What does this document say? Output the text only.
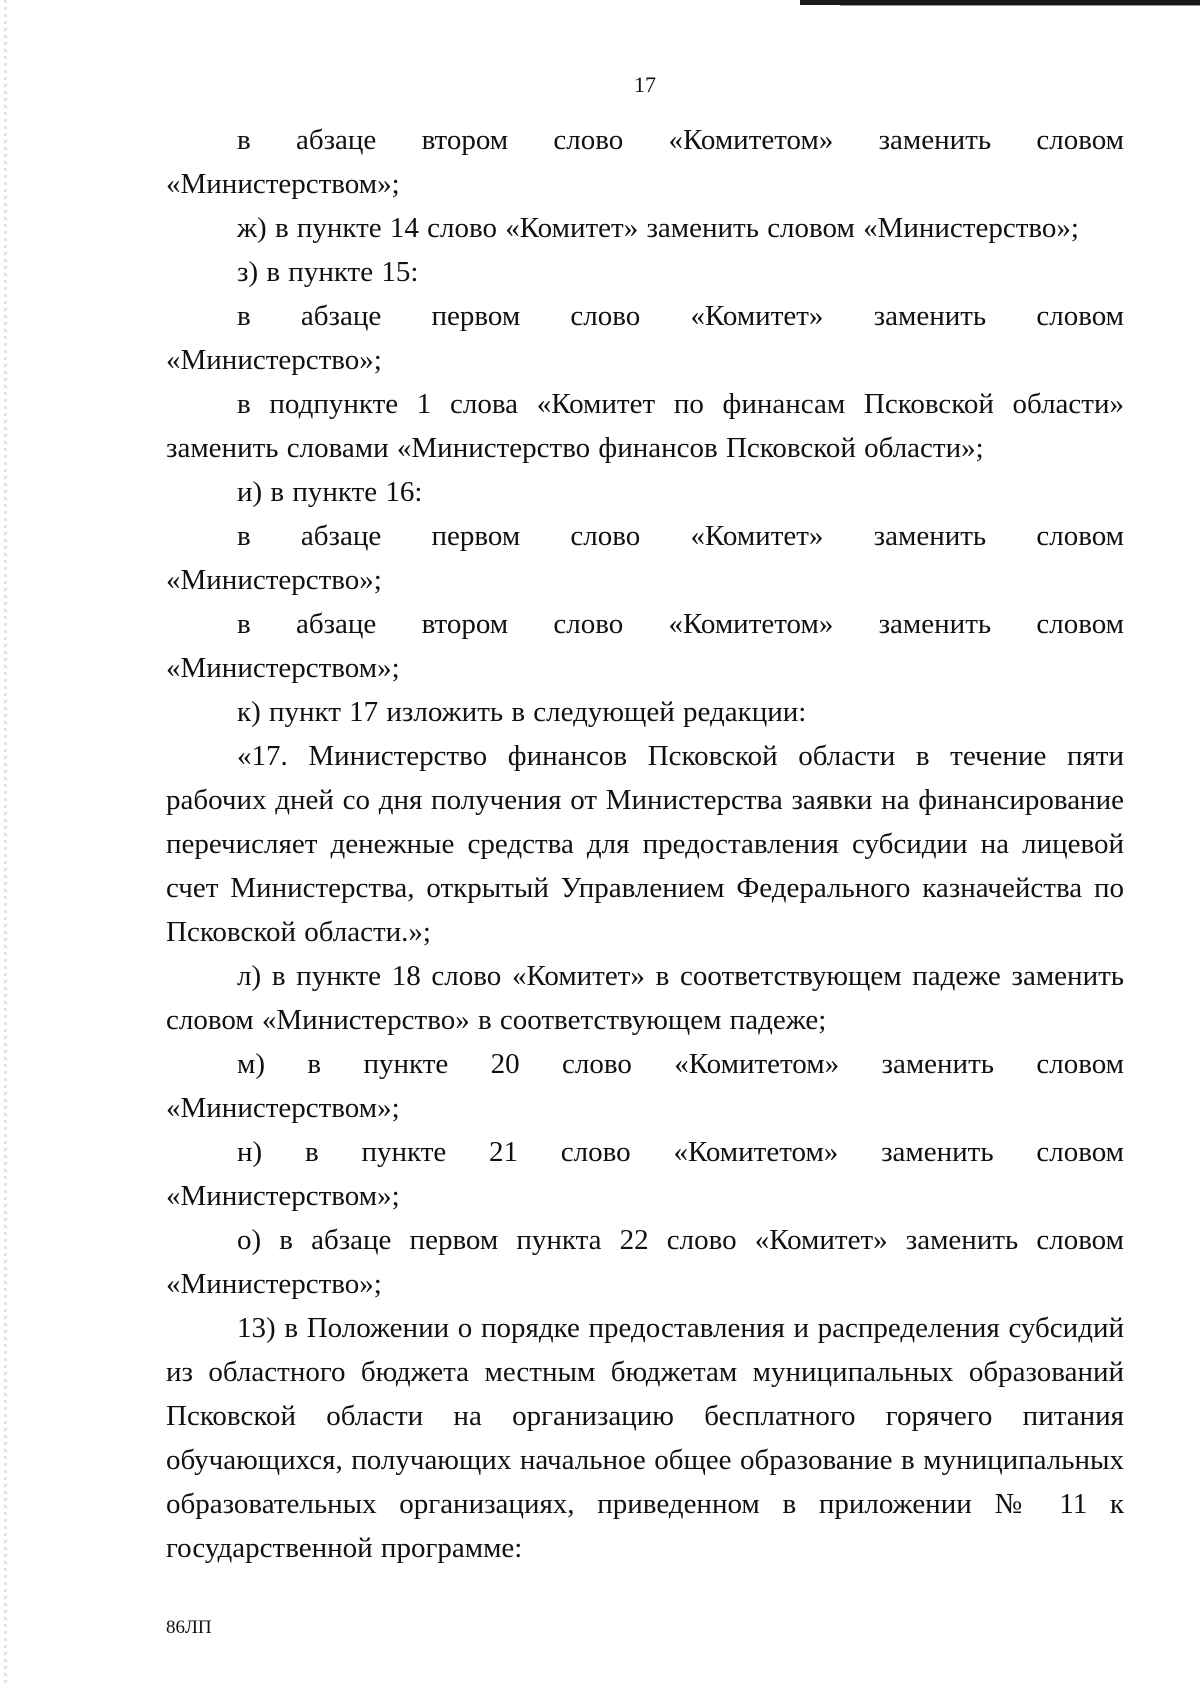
17

в абзаце втором слово «Комитетом» заменить словом
«Министерством»;

ж) в пункте 14 слово «Комитет» заменить словом «Министерство»;

з) в пункте 15:

в абзаце первом слово «Комитет» заменить словом
«Министерство»;

в подпункте 1 слова «Комитет по финансам Псковской области» заменить словами «Министерство финансов Псковской области»;

и) в пункте 16:

в абзаце первом слово «Комитет» заменить словом
«Министерство»;

в абзаце втором слово «Комитетом» заменить словом
«Министерством»;

к) пункт 17 изложить в следующей редакции:

«17. Министерство финансов Псковской области в течение пяти рабочих дней со дня получения от Министерства заявки на финансирование перечисляет денежные средства для предоставления субсидии на лицевой счет Министерства, открытый Управлением Федерального казначейства по Псковской области.»;

л) в пункте 18 слово «Комитет» в соответствующем падеже заменить словом «Министерство» в соответствующем падеже;

м) в пункте 20 слово «Комитетом» заменить словом
«Министерством»;

н) в пункте 21 слово «Комитетом» заменить словом
«Министерством»;

о) в абзаце первом пункта 22 слово «Комитет» заменить словом «Министерство»;

13) в Положении о порядке предоставления и распределения субсидий из областного бюджета местным бюджетам муниципальных образований Псковской области на организацию бесплатного горячего питания обучающихся, получающих начальное общее образование в муниципальных образовательных организациях, приведенном в приложении № 11 к государственной программе:

86ЛП
